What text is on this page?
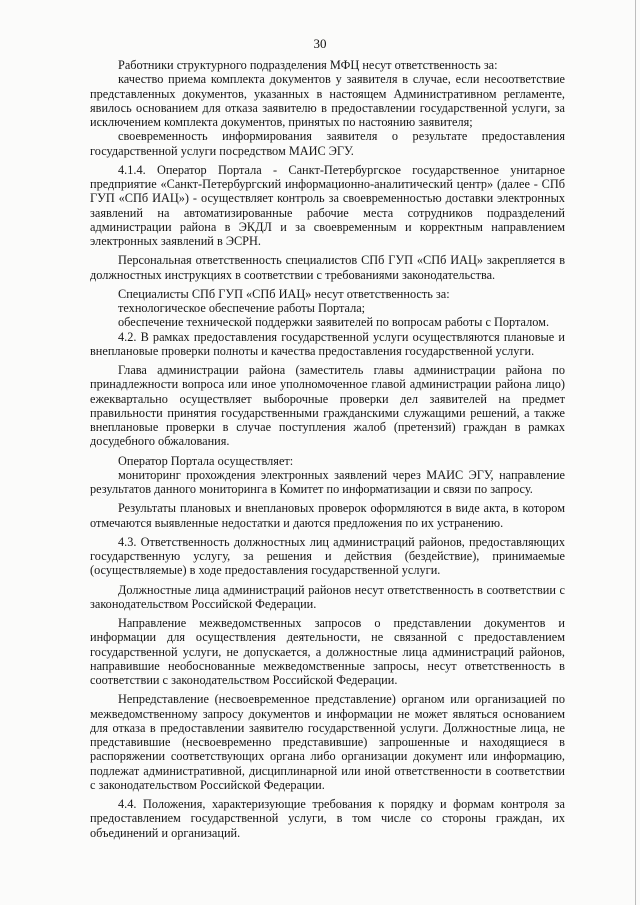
30

Работники структурного подразделения МФЦ несут ответственность за:

качество приема комплекта документов у заявителя в случае, если несоответствие представленных документов, указанных в настоящем Административном регламенте, явилось основанием для отказа заявителю в предоставлении государственной услуги, за исключением комплекта документов, принятых по настоянию заявителя;

своевременность информирования заявителя о результате предоставления государственной услуги посредством МАИС ЭГУ.

4.1.4. Оператор Портала - Санкт-Петербургское государственное унитарное предприятие «Санкт-Петербургский информационно-аналитический центр» (далее - СПб ГУП «СПб ИАЦ») - осуществляет контроль за своевременностью доставки электронных заявлений на автоматизированные рабочие места сотрудников подразделений администрации района в ЭКДЛ и за своевременным и корректным направлением электронных заявлений в ЭСРН.

Персональная ответственность специалистов СПб ГУП «СПб ИАЦ» закрепляется в должностных инструкциях в соответствии с требованиями законодательства.

Специалисты СПб ГУП «СПб ИАЦ» несут ответственность за:

технологическое обеспечение работы Портала;

обеспечение технической поддержки заявителей по вопросам работы с Порталом.

4.2. В рамках предоставления государственной услуги осуществляются плановые и внеплановые проверки полноты и качества предоставления государственной услуги.

Глава администрации района (заместитель главы администрации района по принадлежности вопроса или иное уполномоченное главой администрации района лицо) ежеквартально осуществляет выборочные проверки дел заявителей на предмет правильности принятия государственными гражданскими служащими решений, а также внеплановые проверки в случае поступления жалоб (претензий) граждан в рамках досудебного обжалования.

Оператор Портала осуществляет:

мониторинг прохождения электронных заявлений через МАИС ЭГУ, направление результатов данного мониторинга в Комитет по информатизации и связи по запросу.

Результаты плановых и внеплановых проверок оформляются в виде акта, в котором отмечаются выявленные недостатки и даются предложения по их устранению.

4.3. Ответственность должностных лиц администраций районов, предоставляющих государственную услугу, за решения и действия (бездействие), принимаемые (осуществляемые) в ходе предоставления государственной услуги.

Должностные лица администраций районов несут ответственность в соответствии с законодательством Российской Федерации.

Направление межведомственных запросов о представлении документов и информации для осуществления деятельности, не связанной с предоставлением государственной услуги, не допускается, а должностные лица администраций районов, направившие необоснованные межведомственные запросы, несут ответственность в соответствии с законодательством Российской Федерации.

Непредставление (несвоевременное представление) органом или организацией по межведомственному запросу документов и информации не может являться основанием для отказа в предоставлении заявителю государственной услуги. Должностные лица, не представившие (несвоевременно представившие) запрошенные и находящиеся в распоряжении соответствующих органа либо организации документ или информацию, подлежат административной, дисциплинарной или иной ответственности в соответствии с законодательством Российской Федерации.

4.4. Положения, характеризующие требования к порядку и формам контроля за предоставлением государственной услуги, в том числе со стороны граждан, их объединений и организаций.
